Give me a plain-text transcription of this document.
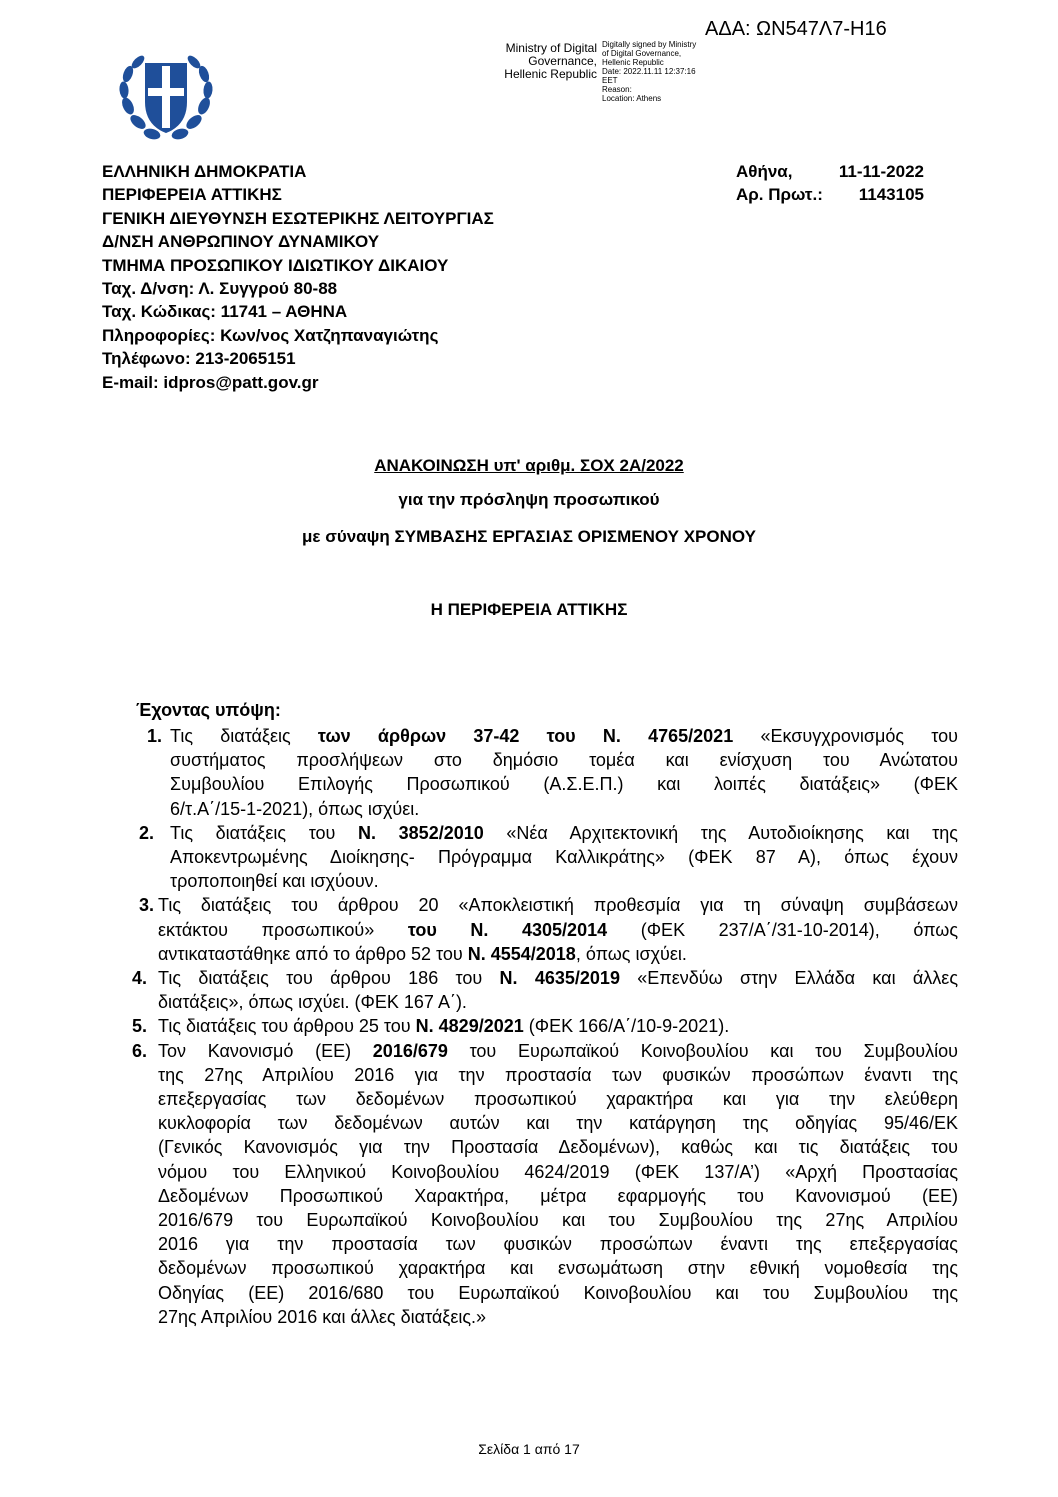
ΑΔΑ: ΩΝ547Λ7-Η16
Ministry of Digital
Governance,
Hellenic Republic
Digitally signed by Ministry
of Digital Governance,
Hellenic Republic
Date: 2022.11.11 12:37:16
EET
Reason:
Location: Athens
ΕΛΛΗΝΙΚΗ ΔΗΜΟΚΡΑΤΙΑ
ΠΕΡΙΦΕΡΕΙΑ ΑΤΤΙΚΗΣ
ΓΕΝΙΚΗ ΔΙΕΥΘΥΝΣΗ ΕΣΩΤΕΡΙΚΗΣ ΛΕΙΤΟΥΡΓΙΑΣ
Δ/ΝΣΗ ΑΝΘΡΩΠΙΝΟΥ ΔΥΝΑΜΙΚΟΥ
ΤΜΗΜΑ ΠΡΟΣΩΠΙΚΟΥ ΙΔΙΩΤΙΚΟΥ ΔΙΚΑΙΟΥ
Ταχ. Δ/νση: Λ. Συγγρού 80-88
Ταχ. Κώδικας: 11741 – ΑΘΗΝΑ
Πληροφορίες: Κων/νος Χατζηπαναγιώτης
Τηλέφωνο: 213-2065151
E-mail: idpros@patt.gov.gr
Αθήνα,	11-11-2022
Αρ. Πρωτ.: 1143105
ΑΝΑΚΟΙΝΩΣΗ υπ' αριθμ. ΣΟΧ 2Α/2022
για την πρόσληψη προσωπικού
με σύναψη ΣΥΜΒΑΣΗΣ ΕΡΓΑΣΙΑΣ ΟΡΙΣΜΕΝΟΥ ΧΡΟΝΟΥ
Η ΠΕΡΙΦΕΡΕΙΑ ΑΤΤΙΚΗΣ
Έχοντας υπόψη:
1. Τις διατάξεις των άρθρων 37-42 του Ν. 4765/2021 «Εκσυγχρονισμός του
συστήματος προσλήψεων στο δημόσιο τομέα και ενίσχυση του Ανώτατου
Συμβουλίου Επιλογής Προσωπικού (Α.Σ.Ε.Π.) και λοιπές διατάξεις» (ΦΕΚ
6/τ.Α΄/15-1-2021), όπως ισχύει.
2. Τις διατάξεις του Ν. 3852/2010 «Νέα Αρχιτεκτονική της Αυτοδιοίκησης και της
Αποκεντρωμένης Διοίκησης- Πρόγραμμα Καλλικράτης» (ΦΕΚ 87 Α), όπως έχουν
τροποποιηθεί και ισχύουν.
3. Τις διατάξεις του άρθρου 20 «Αποκλειστική προθεσμία για τη σύναψη συμβάσεων
εκτάκτου προσωπικού» του Ν. 4305/2014 (ΦΕΚ 237/Α΄/31-10-2014), όπως
αντικαταστάθηκε από το άρθρο 52 του Ν. 4554/2018, όπως ισχύει.
4. Τις διατάξεις του άρθρου 186 του Ν. 4635/2019 «Επενδύω στην Ελλάδα και άλλες
διατάξεις», όπως ισχύει. (ΦΕΚ 167 Α΄).
5. Τις διατάξεις του άρθρου 25 του Ν. 4829/2021 (ΦΕΚ 166/Α΄/10-9-2021).
6. Τον Κανονισμό (ΕΕ) 2016/679 του Ευρωπαϊκού Κοινοβουλίου και του Συμβουλίου
της 27ης Απριλίου 2016 για την προστασία των φυσικών προσώπων έναντι της
επεξεργασίας των δεδομένων προσωπικού χαρακτήρα και για την ελεύθερη
κυκλοφορία των δεδομένων αυτών και την κατάργηση της οδηγίας 95/46/ΕΚ
(Γενικός Κανονισμός για την Προστασία Δεδομένων), καθώς και τις διατάξεις του
νόμου του Ελληνικού Κοινοβουλίου 4624/2019 (ΦΕΚ 137/Α’) «Αρχή Προστασίας
Δεδομένων Προσωπικού Χαρακτήρα, μέτρα εφαρμογής του Κανονισμού (ΕΕ)
2016/679 του Ευρωπαϊκού Κοινοβουλίου και του Συμβουλίου της 27ης Απριλίου
2016 για την προστασία των φυσικών προσώπων έναντι της επεξεργασίας
δεδομένων προσωπικού χαρακτήρα και ενσωμάτωση στην εθνική νομοθεσία της
Οδηγίας (ΕΕ) 2016/680 του Ευρωπαϊκού Κοινοβουλίου και του Συμβουλίου της
27ης Απριλίου 2016 και άλλες διατάξεις.»
Σελίδα 1 από 17
